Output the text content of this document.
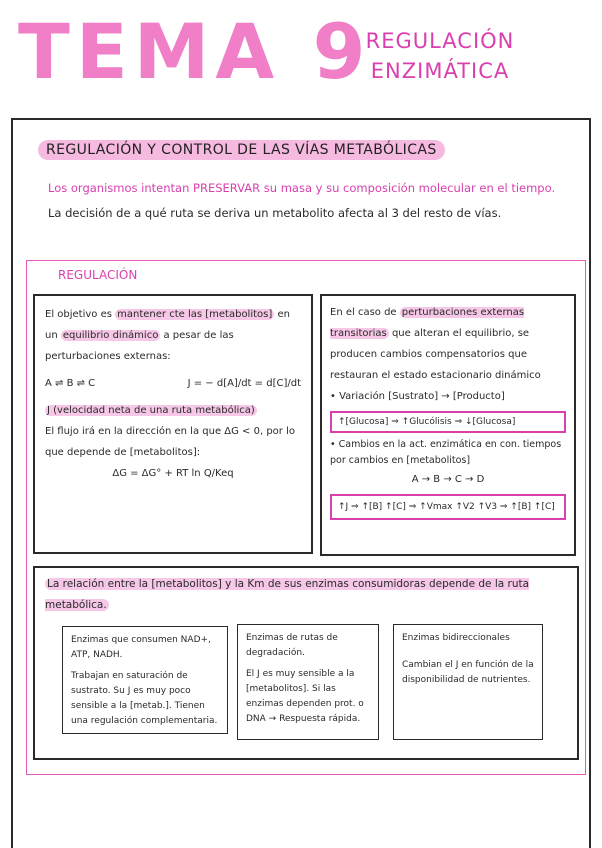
TEMA 9
REGULACIÓN
ENZIMÁTICA
REGULACIÓN Y CONTROL DE LAS VÍAS METABÓLICAS
Los organismos intentan PRESERVAR su masa y su composición molecular en el tiempo. La decisión de a qué ruta se deriva un metabolito afecta al 3 del resto de vías.
REGULACIÓN
El objetivo es mantener cte las [metabolitos] en un equilibrio dinámico a pesar de las perturbaciones externas:
A ⇌ B ⇌ C	J = − d[A]/dt = d[C]/dt
J (velocidad neta de una ruta metabólica)
El flujo irá en la dirección en la que ΔG < 0, por lo que depende de [metabolitos]:
ΔG = ΔG° + RT ln Q/Keq
En el caso de perturbaciones externas transitorias que alteran el equilibrio, se producen cambios compensatorios que restauran el estado estacionario dinámico
• Variación [Sustrato] → [Producto]
↑[Glucosa] ⇒ ↑Glucólisis ⇒ ↓[Glucosa]
• Cambios en la act. enzimática en con. tiempos por cambios en [metabolitos]
A → B → C → D
↑J ⇒ ↑[B] ↑[C] ⇒ ↑Vmax ↑V2 ↑V3 ⇒ ↑[B] ↑[C]
La relación entre la [metabolitos] y la Km de sus enzimas consumidoras depende de la ruta metabólica.
Enzimas que consumen NAD+, ATP, NADH.
Trabajan en saturación de sustrato. Su J es muy poco sensible a la [metab.]. Tienen una regulación complementaria.
Enzimas de rutas de degradación.
El J es muy sensible a la [metabolitos]. Si las enzimas dependen prot. o DNA → Respuesta rápida.
Enzimas bidireccionales
Cambian el J en función de la disponibilidad de nutrientes.
